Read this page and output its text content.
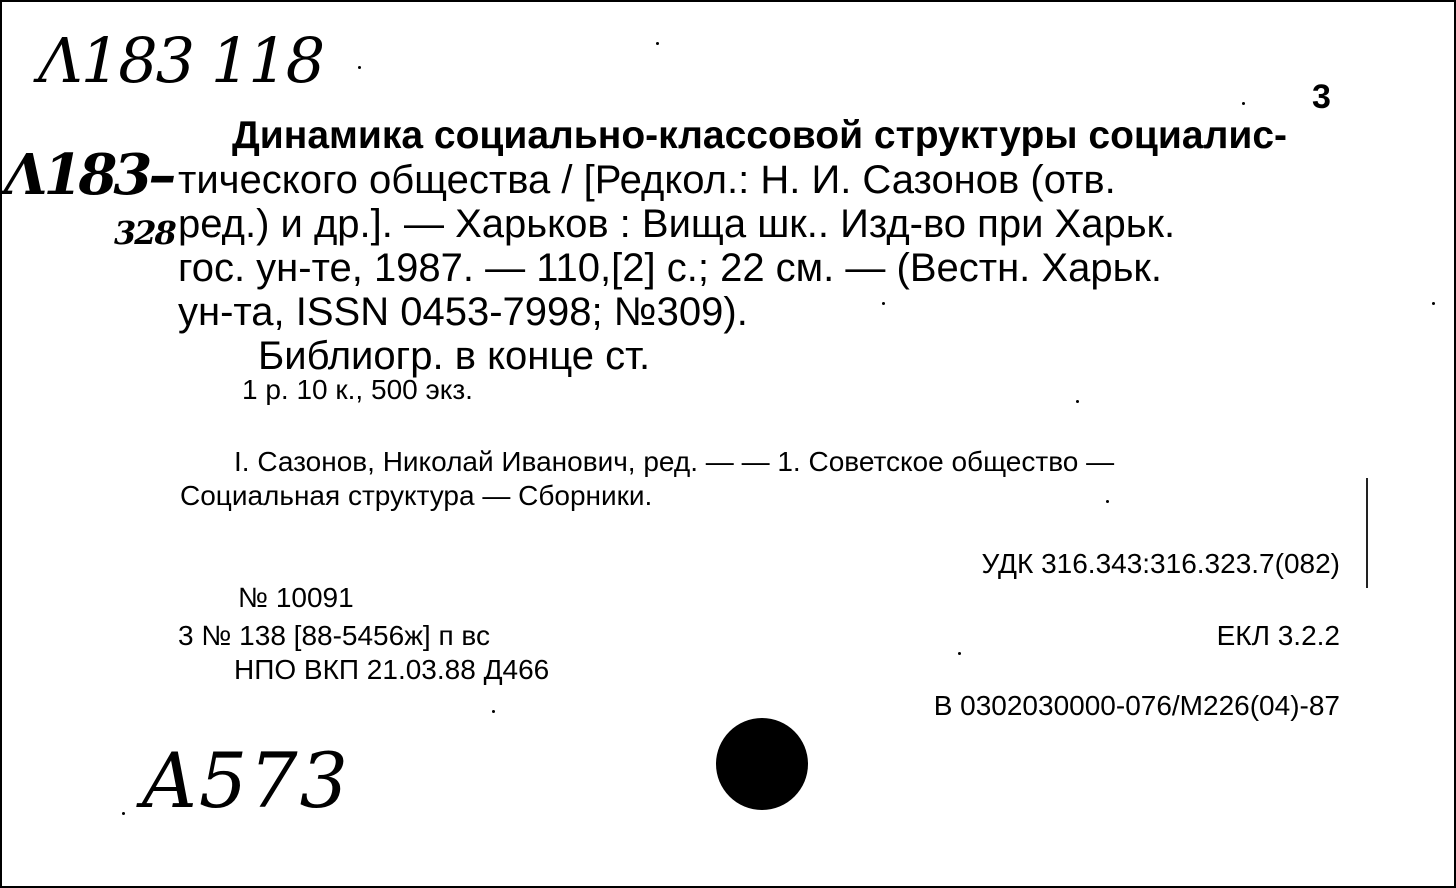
Λ183 118
Λ183–
328
3
Динамика социально-классовой структуры социалис-
тического общества / [Редкол.: Н. И. Сазонов (отв.
ред.) и др.]. — Харьков : Вища шк.. Изд-во при Харьк.
гос. ун-те, 1987. — 110,[2] с.; 22 см. — (Вестн. Харьк.
ун-та, ISSN 0453-7998; №309).
Библиогр. в конце ст.
1 р. 10 к., 500 экз.
I. Сазонов, Николай Иванович, ред. — — 1. Советское общество —
Социальная структура — Сборники.
УДК 316.343:316.323.7(082)
ЕКЛ 3.2.2
В 0302030000-076/М226(04)-87
№ 10091
3 № 138 [88-5456ж] п вс
НПО ВКП 21.03.88 Д466
A573
